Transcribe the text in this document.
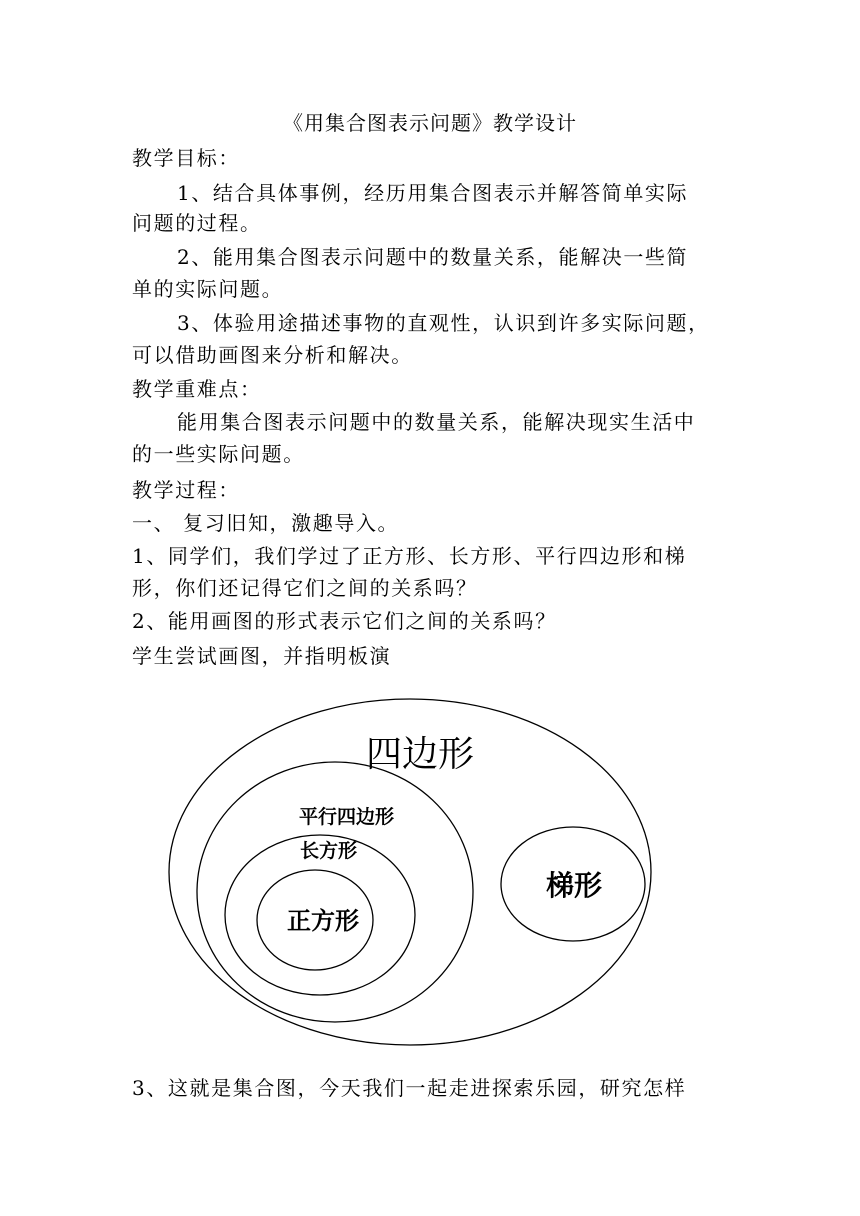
《用集合图表示问题》教学设计
教学目标：
1、结合具体事例，经历用集合图表示并解答简单实际
问题的过程。
2、能用集合图表示问题中的数量关系，能解决一些简
单的实际问题。
3、体验用途描述事物的直观性，认识到许多实际问题，
可以借助画图来分析和解决。
教学重难点：
能用集合图表示问题中的数量关系，能解决现实生活中
的一些实际问题。
教学过程：
一、 复习旧知，激趣导入。
1、同学们，我们学过了正方形、长方形、平行四边形和梯
形，你们还记得它们之间的关系吗？
2、能用画图的形式表示它们之间的关系吗？
学生尝试画图，并指明板演
四边形
平行四边形
长方形
正方形
梯形
3、这就是集合图，今天我们一起走进探索乐园，研究怎样
